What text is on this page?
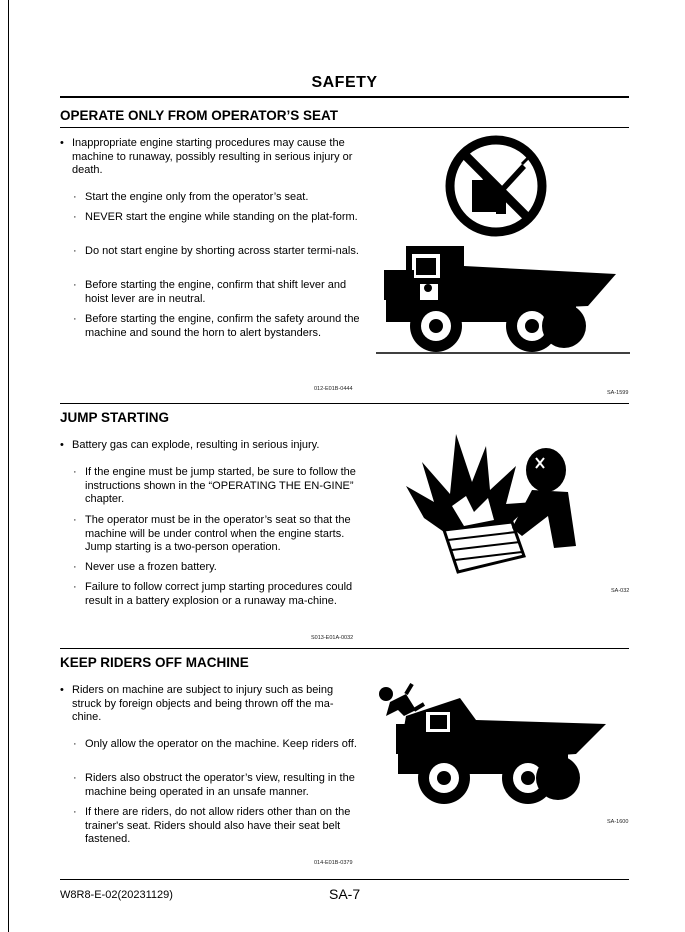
SAFETY
OPERATE ONLY FROM OPERATOR’S SEAT
• Inappropriate engine starting procedures may cause the machine to runaway, possibly resulting in serious injury or death.
· Start the engine only from the operator’s seat.
· NEVER start the engine while standing on the plat-form.
· Do not start engine by shorting across starter termi-nals.
· Before starting the engine, confirm that shift lever and hoist lever are in neutral.
· Before starting the engine, confirm the safety around the machine and sound the horn to alert bystanders.
012-E01B-0444
SA-1599
JUMP STARTING
• Battery gas can explode, resulting in serious injury.
· If the engine must be jump started, be sure to follow the instructions shown in the “OPERATING THE EN-GINE” chapter.
· The operator must be in the operator’s seat so that the machine will be under control when the engine starts. Jump starting is a two-person operation.
· Never use a frozen battery.
· Failure to follow correct jump starting procedures could result in a battery explosion or a runaway ma-chine.
S013-E01A-0032
SA-032
KEEP RIDERS OFF MACHINE
• Riders on machine are subject to injury such as being struck by foreign objects and being thrown off the ma-chine.
· Only allow the operator on the machine. Keep riders off.
· Riders also obstruct the operator’s view, resulting in the machine being operated in an unsafe manner.
· If there are riders, do not allow riders other than on the trainer's seat. Riders should also have their seat belt fastened.
014-E01B-0379
SA-1600
W8R8-E-02(20231129)	SA-7
